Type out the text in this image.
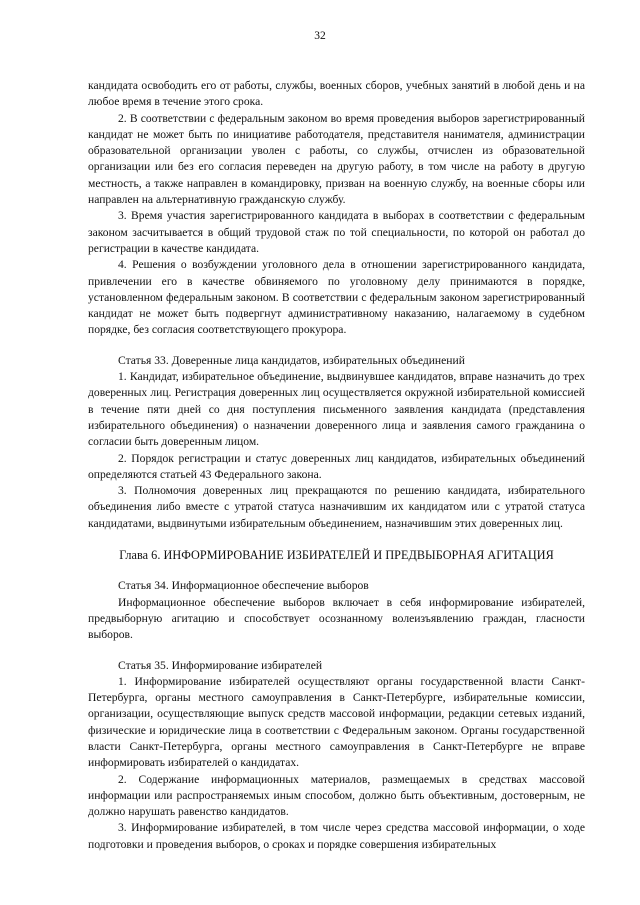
32

кандидата освободить его от работы, службы, военных сборов, учебных занятий в любой день и на любое время в течение этого срока.

2. В соответствии с федеральным законом во время проведения выборов зарегистрированный кандидат не может быть по инициативе работодателя, представителя нанимателя, администрации образовательной организации уволен с работы, со службы, отчислен из образовательной организации или без его согласия переведен на другую работу, в том числе на работу в другую местность, а также направлен в командировку, призван на военную службу, на военные сборы или направлен на альтернативную гражданскую службу.

3. Время участия зарегистрированного кандидата в выборах в соответствии с федеральным законом засчитывается в общий трудовой стаж по той специальности, по которой он работал до регистрации в качестве кандидата.

4. Решения о возбуждении уголовного дела в отношении зарегистрированного кандидата, привлечении его в качестве обвиняемого по уголовному делу принимаются в порядке, установленном федеральным законом. В соответствии с федеральным законом зарегистрированный кандидат не может быть подвергнут административному наказанию, налагаемому в судебном порядке, без согласия соответствующего прокурора.

Статья 33. Доверенные лица кандидатов, избирательных объединений

1. Кандидат, избирательное объединение, выдвинувшее кандидатов, вправе назначить до трех доверенных лиц. Регистрация доверенных лиц осуществляется окружной избирательной комиссией в течение пяти дней со дня поступления письменного заявления кандидата (представления избирательного объединения) о назначении доверенного лица и заявления самого гражданина о согласии быть доверенным лицом.

2. Порядок регистрации и статус доверенных лиц кандидатов, избирательных объединений определяются статьей 43 Федерального закона.

3. Полномочия доверенных лиц прекращаются по решению кандидата, избирательного объединения либо вместе с утратой статуса назначившим их кандидатом или с утратой статуса кандидатами, выдвинутыми избирательным объединением, назначившим этих доверенных лиц.

Глава 6. ИНФОРМИРОВАНИЕ ИЗБИРАТЕЛЕЙ И ПРЕДВЫБОРНАЯ АГИТАЦИЯ

Статья 34. Информационное обеспечение выборов

Информационное обеспечение выборов включает в себя информирование избирателей, предвыборную агитацию и способствует осознанному волеизъявлению граждан, гласности выборов.

Статья 35. Информирование избирателей

1. Информирование избирателей осуществляют органы государственной власти Санкт-Петербурга, органы местного самоуправления в Санкт-Петербурге, избирательные комиссии, организации, осуществляющие выпуск средств массовой информации, редакции сетевых изданий, физические и юридические лица в соответствии с Федеральным законом. Органы государственной власти Санкт-Петербурга, органы местного самоуправления в Санкт-Петербурге не вправе информировать избирателей о кандидатах.

2. Содержание информационных материалов, размещаемых в средствах массовой информации или распространяемых иным способом, должно быть объективным, достоверным, не должно нарушать равенство кандидатов.

3. Информирование избирателей, в том числе через средства массовой информации, о ходе подготовки и проведения выборов, о сроках и порядке совершения избирательных
